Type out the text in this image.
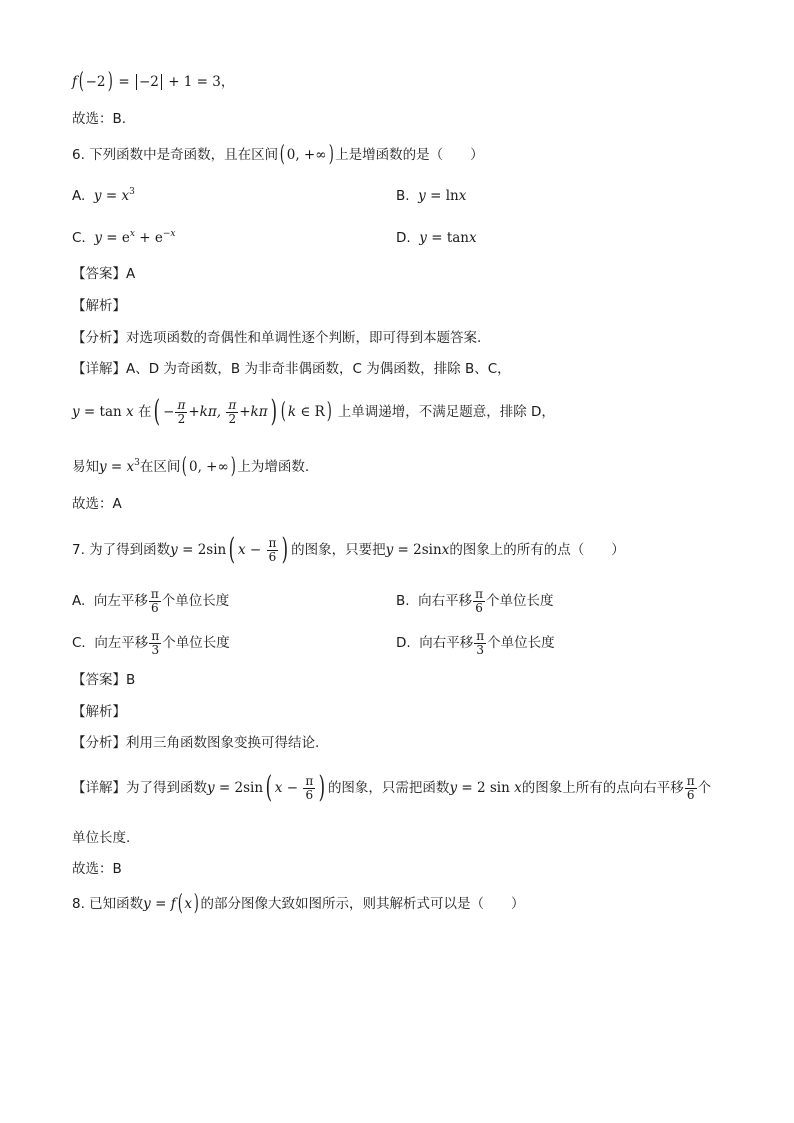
f( −2) = −2 + 1 = 3，
故选：B.
6. 下列函数中是奇函数，且在区间( 0, +∞) 上是增函数的是（　　）
A. $y = x^3$	B. y = lnx
C. $y = e^x + e^{-x}$	D. y = tanx
【答案】A
【解析】
【分析】对选项函数的奇偶性和单调性逐个判断，即可得到本题答案.
【详解】A、D 为奇函数，B 为非奇非偶函数，C 为偶函数，排除 B、C，
y = tan x 在( − $\frac{\pi}{2} +k\pi$, $\frac{\pi}{2} +k\pi$) ( k ∈ R) 上单调递增，不满足题意，排除 D，
易知$y = x^3$在区间( 0, +∞) 上为增函数.
故选：A
7. 为了得到函数y = 2sin( $x - \frac{\pi}{6}$ ) 的图象，只要把y = 2sinx的图象上的所有的点（　　）
A. 向左平移 $\frac{\pi}{6}$ 个单位长度	B. 向右平移 $\frac{\pi}{6}$ 个单位长度
C. 向左平移 $\frac{\pi}{3}$ 个单位长度	D. 向右平移 $\frac{\pi}{3}$ 个单位长度
【答案】B
【解析】
【分析】利用三角函数图象变换可得结论.
【详解】为了得到函数y = 2sin( $x - \frac{\pi}{6}$ ) 的图象，只需把函数y = 2 sin x的图象上所有的点向右平移 $\frac{\pi}{6}$ 个
单位长度.
故选：B
8. 已知函数y = f( x) 的部分图像大致如图所示，则其解析式可以是（　　）
